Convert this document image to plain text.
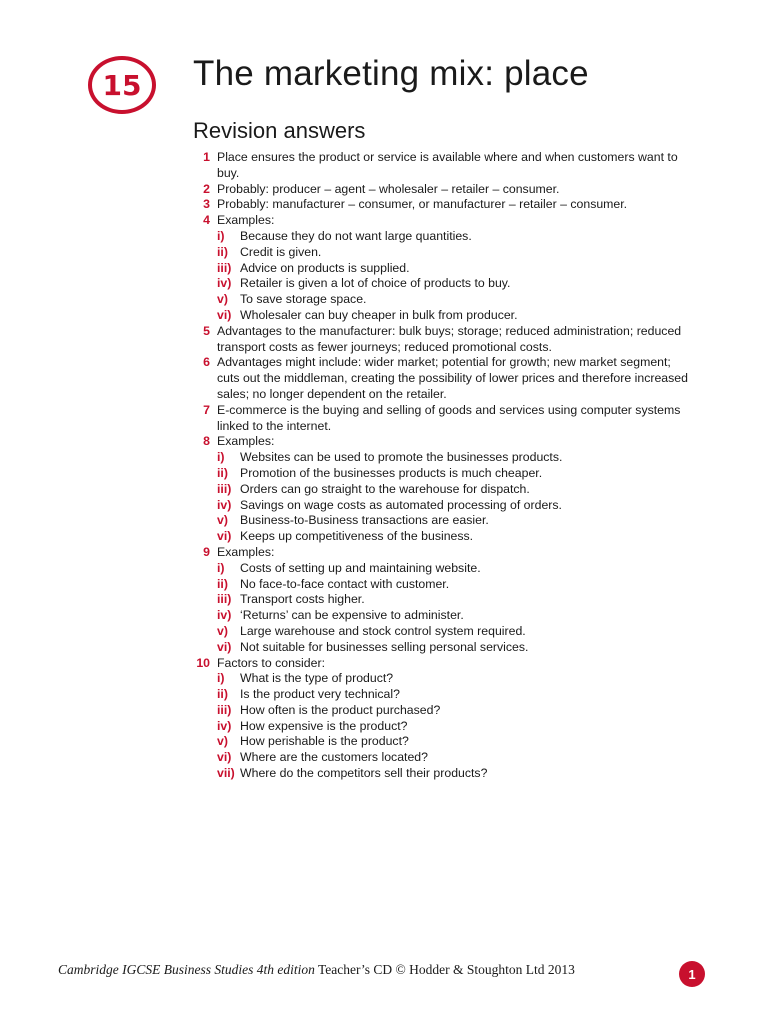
15 The marketing mix: place
Revision answers
1 Place ensures the product or service is available where and when customers want to buy.
2 Probably: producer – agent – wholesaler – retailer – consumer.
3 Probably: manufacturer – consumer, or manufacturer – retailer – consumer.
4 Examples:
i) Because they do not want large quantities.
ii) Credit is given.
iii) Advice on products is supplied.
iv) Retailer is given a lot of choice of products to buy.
v) To save storage space.
vi) Wholesaler can buy cheaper in bulk from producer.
5 Advantages to the manufacturer: bulk buys; storage; reduced administration; reduced transport costs as fewer journeys; reduced promotional costs.
6 Advantages might include: wider market; potential for growth; new market segment; cuts out the middleman, creating the possibility of lower prices and therefore increased sales; no longer dependent on the retailer.
7 E-commerce is the buying and selling of goods and services using computer systems linked to the internet.
8 Examples:
i) Websites can be used to promote the businesses products.
ii) Promotion of the businesses products is much cheaper.
iii) Orders can go straight to the warehouse for dispatch.
iv) Savings on wage costs as automated processing of orders.
v) Business-to-Business transactions are easier.
vi) Keeps up competitiveness of the business.
9 Examples:
i) Costs of setting up and maintaining website.
ii) No face-to-face contact with customer.
iii) Transport costs higher.
iv) ‘Returns’ can be expensive to administer.
v) Large warehouse and stock control system required.
vi) Not suitable for businesses selling personal services.
10 Factors to consider:
i) What is the type of product?
ii) Is the product very technical?
iii) How often is the product purchased?
iv) How expensive is the product?
v) How perishable is the product?
vi) Where are the customers located?
vii) Where do the competitors sell their products?
Cambridge IGCSE Business Studies 4th edition Teacher’s CD © Hodder & Stoughton Ltd 2013	1
